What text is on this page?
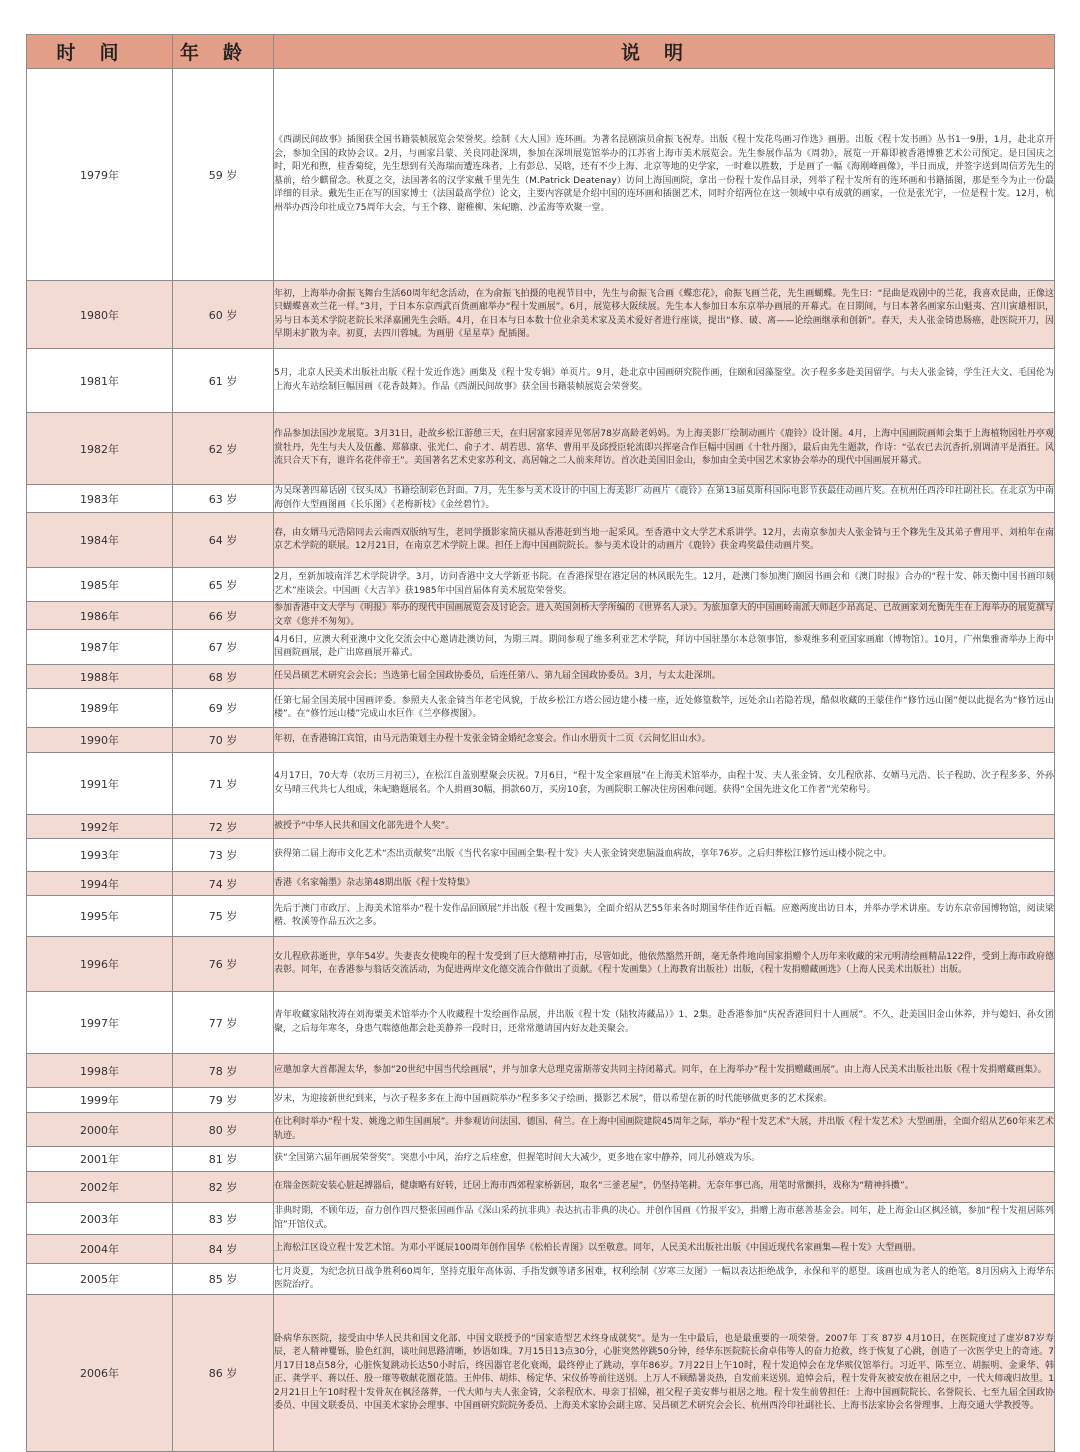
时间	年龄	说明
1979年	59 岁	《西湖民间故事》插图获全国书籍装帧展览会荣誉奖。绘制《大人国》连环画。为著名昆剧演员俞振飞祝寿。出版《程十发花鸟画习作选》画册。出版《程十发书画》丛书1一9册，1月，赴北京开会，参加全国的政协会议。2月，与画家吕蒙、关良同赴深圳，参加在深圳展览馆举办的江苏省上海市美术展览会。先生参展作品为《周勃》，展览一开幕即被香港博雅艺术公司预定。是日国庆之时，阳光和煦，桂香菊绽，先生想到有关海瑞而遭连珠者，上有彭总、吴晗，还有不少上海、北京等地的史学家，一时难以胜数，于是画了一幅《海刚峰画像》，半日而成，并签字送到周信芳先生的墓前，给少麒留念。秋夏之交，法国著名的汉学家戴千里先生（M.Patrick Deatenay）访问上海国画院，拿出一份程十发作品目录，列举了程十发所有的连环画和书籍插图，那是至今为止一份最详细的目录。戴先生正在写的国家博士（法国最高学位）论文，主要内容就是介绍中国的连环画和插图艺术，同时介绍两位在这一领域中卓有成就的画家，一位是张光宇，一位是程十发。12月，杭州举办西泠印社成立75周年大会，与王个簃、谢稚柳、朱屺瞻、沙孟海等欢聚一堂。
1980年	60 岁	年初，上海举办俞振飞舞台生活60周年纪念活动，在为俞振飞拍摄的电视节目中，先生与俞振飞合画《蝶恋花》，俞振飞画兰花，先生画蝴蝶。先生曰：“昆曲是戏剧中的兰花，我喜欢昆曲，正像这只蝴蝶喜欢兰花一样。”3月，于日本东京西武百货画廊举办“程十发画展”。6月，展览移大阪续展。先生本人参加日本东京举办画展的开幕式。在日期间，与日本著名画家东山魁夷、宫川寅雄相识，另与日本美术学院老院长米泽嘉圃先生会晤。4月，在日本与日本数十位业余美术家及美术爱好者进行座谈，提出“修、破、离——论绘画继承和创新”。春天，夫人张金锜患肠癌，赴医院开刀，因早期未扩散为幸。初夏，去四川蓉城。为画册《星星草》配插图。
1981年	61 岁	5月，北京人民美术出版社出版《程十发近作选》画集及《程十发专辑》单页片。9月，赴北京中国画研究院作画，住颐和园藻鉴堂。次子程多多赴美国留学。与夫人张金锜，学生汪大文、毛国伦为上海火车站绘制巨幅国画《花香鼓舞》。作品《西湖民间故事》获全国书籍装帧展览会荣誉奖。
1982年	62 岁	作品参加法国沙龙展览。3月31日，赴故乡松江游憩三天，在归居富家园弄见邻居78岁高龄老妈妈。为上海美影厂绘制动画片《鹿铃》设计图。4月，上海中国画院画师会集于上海植物园牡丹亭观赏牡丹，先生与夫人及伍蠡、郑慕康、张光仁、俞子才、胡若思、富华、曹用平及邱授臣轮流即兴挥毫合作巨幅中国画《十牡丹图》，最后由先生题款，作诗：“弘农已去沉香折,别调清平是酒狂。风流只合天下有，谁许名花伴帝王”。美国著名艺术史家苏利文、高居翰之二人前来拜访。首次赴美国旧金山，参加由全美中国艺术家协会举办的现代中国画展开幕式。
1983年	63 岁	为吴琛著四幕话剧《钗头凤》书籍绘制彩色封面。7月，先生参与美术设计的中国上海美影厂动画片《鹿铃》在第13届莫斯科国际电影节获最佳动画片奖。在杭州任西泠印社副社长。在北京为中南海创作大型画图画《长乐图》《老梅新枝》《金丝碧竹》。
1984年	64 岁	春，由女婿马元浩陪同去云南西双版纳写生，老同学摄影家简庆福从香港赶到当地一起采风。至香港中文大学艺术系讲学。12月，去南京参加夫人张金锜与王个簃先生及其弟子曹用平、刘柏年在南京艺术学院的联展。12月21日，在南京艺术学院上课。担任上海中国画院院长。参与美术设计的动画片《鹿铃》获金鸡奖最佳动画片奖。
1985年	65 岁	2月，至新加坡南洋艺术学院讲学。3月，访问香港中文大学新亚书院。在香港探望在港定居的林风眠先生。12月，赴澳门参加澳门颐园书画会和《澳门时报》合办的“程十发、韩天衡中国书画印刻艺术”座谈会。中国画《大吉羊》获1985年中国首届体育美术展览荣誉奖。
1986年	66 岁	参加香港中文大学与《明报》举办的现代中国画展览会及讨论会。进入英国剑桥大学所编的《世界名人录》。为旅加拿大的中国画岭南派大师赵少昂高足、已故画家刘允衡先生在上海举办的展览撰写文章《您并不匆匆》。
1987年	67 岁	4月6日，应澳大利亚澳中文化交流会中心邀请赴澳访问，为期三周。期间参观了维多利亚艺术学院，拜访中国驻墨尔本总领事馆，参观维多利亚国家画廊（博物馆）。10月，广州集雅斋举办上海中国画院画展，赴广出席画展开幕式。
1988年	68 岁	任吴昌硕艺术研究会会长；当选第七届全国政协委员，后连任第八、第九届全国政协委员。3月，与太太赴深圳。
1989年	69 岁	任第七届全国美展中国画评委。参照夫人张金锜当年老宅风貌，于故乡松江方塔公园边建小楼一座，近处修篁数竿，远处余山若隐若现，酷似收藏的王蒙佳作“修竹远山图”便以此提名为“修竹远山楼”。在“修竹远山楼”完成山水巨作《兰亭修禊图》。
1990年	70 岁	年初，在香港锦江宾馆，由马元浩策划主办程十发张金锜金婚纪念宴会。作山水册页十二页《云间忆旧山水》。
1991年	71 岁	4月17日，70大寿（农历三月初三），在松江自盖别墅聚会庆祝。7月6日，“程十发全家画展”在上海美术馆举办，由程十发、夫人张金锜、女儿程欣荪、女婿马元浩、长子程助、次子程多多、外孙女马晴三代共七人组成，朱屺瞻题展名。个人捐画30幅，捐款60万，买房10套，为画院职工解决住房困难问题。获得“全国先进文化工作者”光荣称号。
1992年	72 岁	被授予“中华人民共和国文化部先进个人奖”。
1993年	73 岁	获得第二届上海市文化艺术“杰出贡献奖”出版《当代名家中国画全集·程十发》夫人张金锜突患脑溢血病故，享年76岁。之后归葬松江修竹远山楼小院之中。
1994年	74 岁	香港《名家翰墨》杂志第48期出版《程十发特集》
1995年	75 岁	先后于澳门市政厅、上海美术馆举办“程十发作品回顾展”并出版《程十发画集》，全面介绍从艺55年来各时期国华佳作近百幅。应邀两度出访日本，并举办学术讲座。专访东京帝国博物馆，阅读梁楷、牧溪等作品五次之多。
1996年	76 岁	女儿程欣荪逝世，享年54岁。失妻丧女使晚年的程十发受到了巨大德精神打击，尽管如此，他依然豁然开朗，毫无条件地向国家捐赠个人历年来收藏的宋元明清绘画精品122件，受到上海市政府德表彰。同年，在香港参与翁话交流活动，为促进两岸文化德交流合作做出了贡献。《程十发画集》（上海教育出版社）出版，《程十发捐赠藏画选》（上海人民美术出版社）出版。
1997年	77 岁	青年收藏家陆牧涛在刘海粟美术馆举办个人收藏程十发绘画作品展，并出版《程十发（陆牧涛藏品）》1、2集。赴香港参加“庆祝香港回归十人画展”。不久，赴美国旧金山休养，并与媳妇、孙女团聚，之后每年寒冬，身患气喘德他都会赴美静养一段时日，还常常邀请国内好友赴美聚会。
1998年	78 岁	应邀加拿大首都渥太华，参加“20世纪中国当代绘画展”，并与加拿大总理克雷斯蒂安共同主持闭幕式。同年，在上海举办“程十发捐赠藏画展”。由上海人民美术出版社出版《程十发捐赠藏画集》。
1999年	79 岁	岁末，为迎接新世纪到来，与次子程多多在上海中国画院举办“程多多父子绘画、摄影艺术展”，借以希望在新的时代能够做更多的艺术探索。
2000年	80 岁	在比利时举办“程十发、姚逸之师生国画展”。并参观访问法国、德国、荷兰。在上海中国画院建院45周年之际，举办“程十发艺术”大展，并出版《程十发艺术》大型画册，全面介绍从艺60年来艺术轨迹。
2001年	81 岁	获“全国第六届年画展荣誉奖”。突患小中风，治疗之后痊愈，但握笔时间大大减少，更多地在家中静养，同儿孙嬉戏为乐。
2002年	82 岁	在瑞金医院安装心脏起搏器后，健康略有好转，迁居上海市西郊程家桥新居，取名“三釜老屋”，仍坚持笔耕。无奈年事已高，用笔时常颤抖，戏称为“精神抖擞”。
2003年	83 岁	非典时期，不顾年迈，奋力创作四尺整张国画作品《深山采药抗非典》表达抗击非典的决心。并创作国画《竹报平安》，捐赠上海市慈善基金会。同年，赴上海金山区枫泾镇，参加“程十发祖居陈列馆”开馆仪式。
2004年	84 岁	上海松江区设立程十发艺术馆。为邓小平诞辰100周年创作国华《松柏长青图》以至敬意。同年，人民美术出版社出版《中国近现代名家画集—程十发》大型画册。
2005年	85 岁	七月炎夏，为纪念抗日战争胜利60周年，坚持克服年高体弱、手指发颤等诸多困难，权利绘制《岁寒三友图》一幅以表达拒绝战争，永保和平的愿望。该画也成为老人的绝笔。8月因病入上海华东医院治疗。
2006年	86 岁	卧病华东医院，接受由中华人民共和国文化部、中国文联授予的“国家造型艺术终身成就奖”。是为一生中最后，也是最重要的一项荣誉。2007年 丁亥 87岁 4月10日，在医院度过了虚岁87岁寿辰，老人精神矍铄，脸色红润，谈吐间思路清晰，妙语如珠。7月15日13点30分，心脏突然停跳50分钟，经华东医院院长俞卓伟等人的奋力抢救，终于恢复了心跳，创造了一次医学史上的奇迹。7月17日18点58分，心脏恢复跳动长达50小时后，终因器官老化衰竭，最终停止了跳动，享年86岁。7月22日上午10时，程十发追悼会在龙华殡仪馆举行。习近平、陈至立、胡振明、金秉华、韩正、龚学平、蒋以任、殷一璀等敬献花圈花篮。王仲伟、胡炜、杨定华、宋仪侨等前往送别。上万人不顾酷暑炎热，自发前来送别。追悼会后，程十发骨灰被安放在祖居之中，一代大师魂归故里。12月21日上午10时程十发骨灰在枫泾落葬，一代大师与夫人张金锜，父亲程欣木、母亲丁招娣，祖父程子美安葬与祖居之地。程十发生前曾担任：上海中国画院院长、名誉院长、七至九届全国政协委员、中国文联委员、中国美术家协会理事、中国画研究院院务委员、上海美术家协会副主席、吴昌硕艺术研究会会长、杭州西泠印社副社长、上海书法家协会名誉理事、上海交通大学教授等。
